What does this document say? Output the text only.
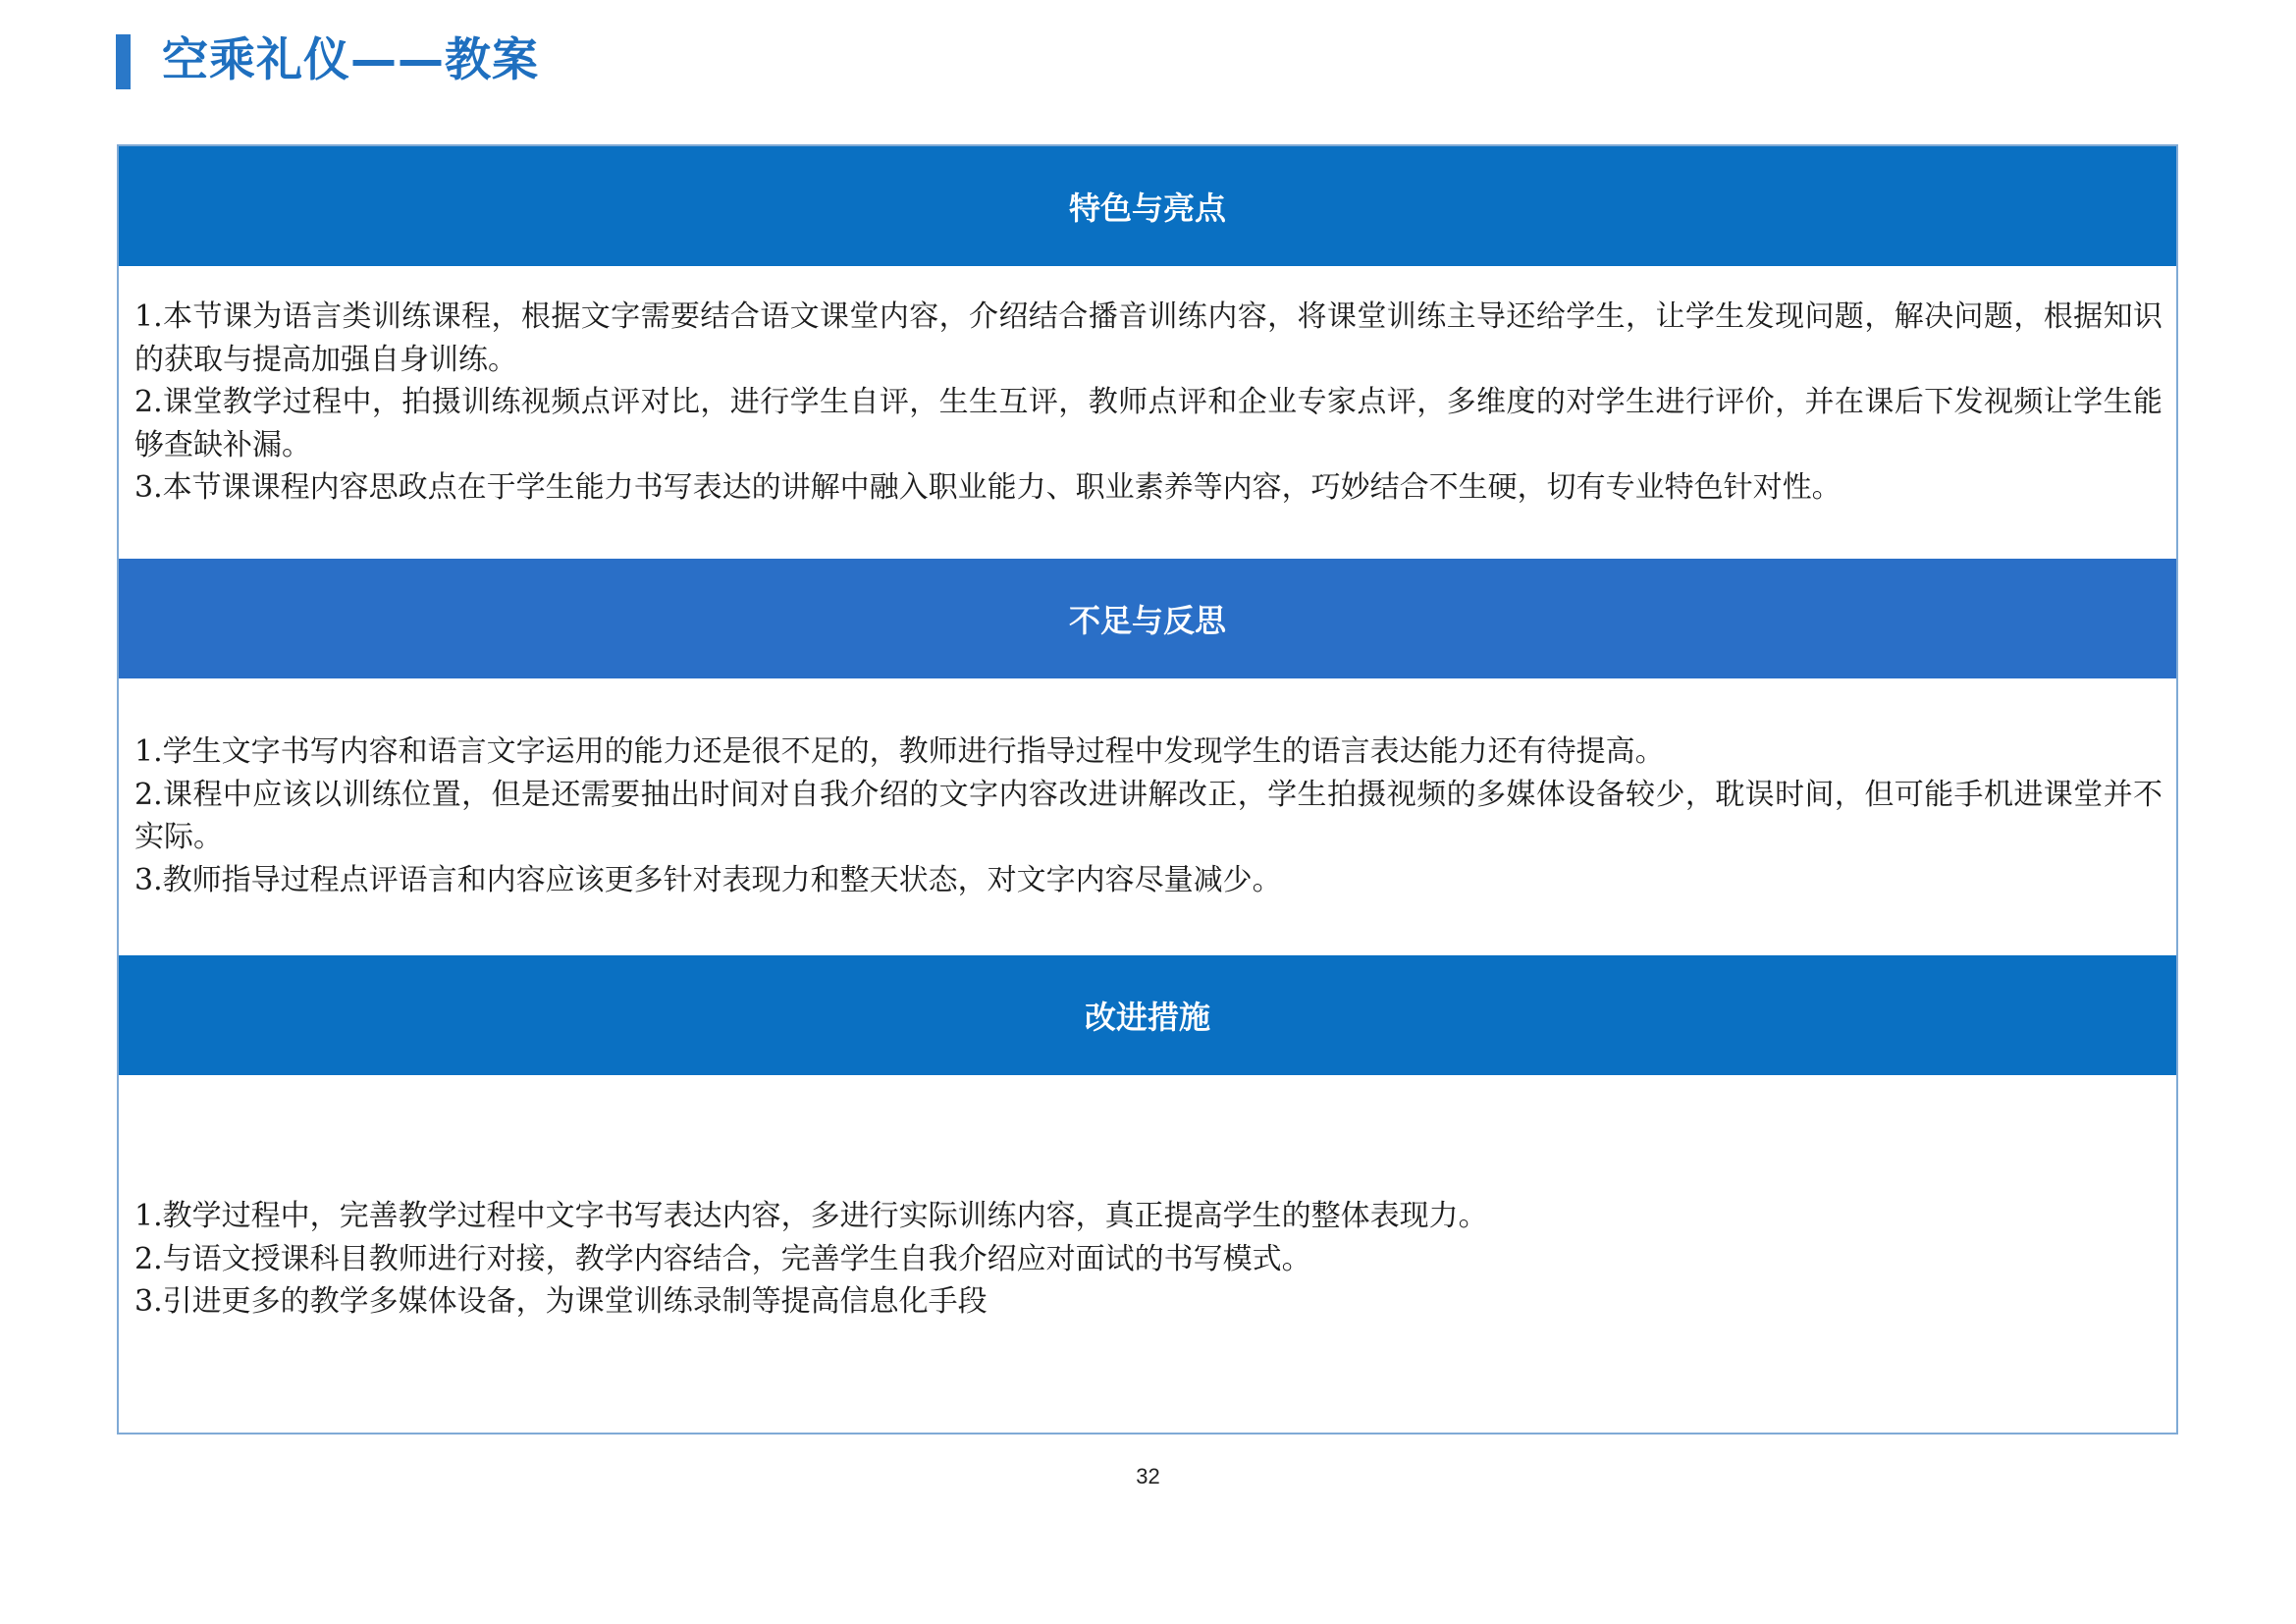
空乘礼仪——教案
特色与亮点

1.本节课为语言类训练课程，根据文字需要结合语文课堂内容，介绍结合播音训练内容，将课堂训练主导还给学生，让学生发现问题，解决问题，根据知识的获取与提高加强自身训练。

2.课堂教学过程中，拍摄训练视频点评对比，进行学生自评，生生互评，教师点评和企业专家点评，多维度的对学生进行评价，并在课后下发视频让学生能够查缺补漏。

3.本节课课程内容思政点在于学生能力书写表达的讲解中融入职业能力、职业素养等内容，巧妙结合不生硬，切有专业特色针对性。

不足与反思

1.学生文字书写内容和语言文字运用的能力还是很不足的，教师进行指导过程中发现学生的语言表达能力还有待提高。

2.课程中应该以训练位置，但是还需要抽出时间对自我介绍的文字内容改进讲解改正，学生拍摄视频的多媒体设备较少，耽误时间，但可能手机进课堂并不实际。

3.教师指导过程点评语言和内容应该更多针对表现力和整天状态，对文字内容尽量减少。

改进措施

1.教学过程中，完善教学过程中文字书写表达内容，多进行实际训练内容，真正提高学生的整体表现力。

2.与语文授课科目教师进行对接，教学内容结合，完善学生自我介绍应对面试的书写模式。

3.引进更多的教学多媒体设备，为课堂训练录制等提高信息化手段

32
